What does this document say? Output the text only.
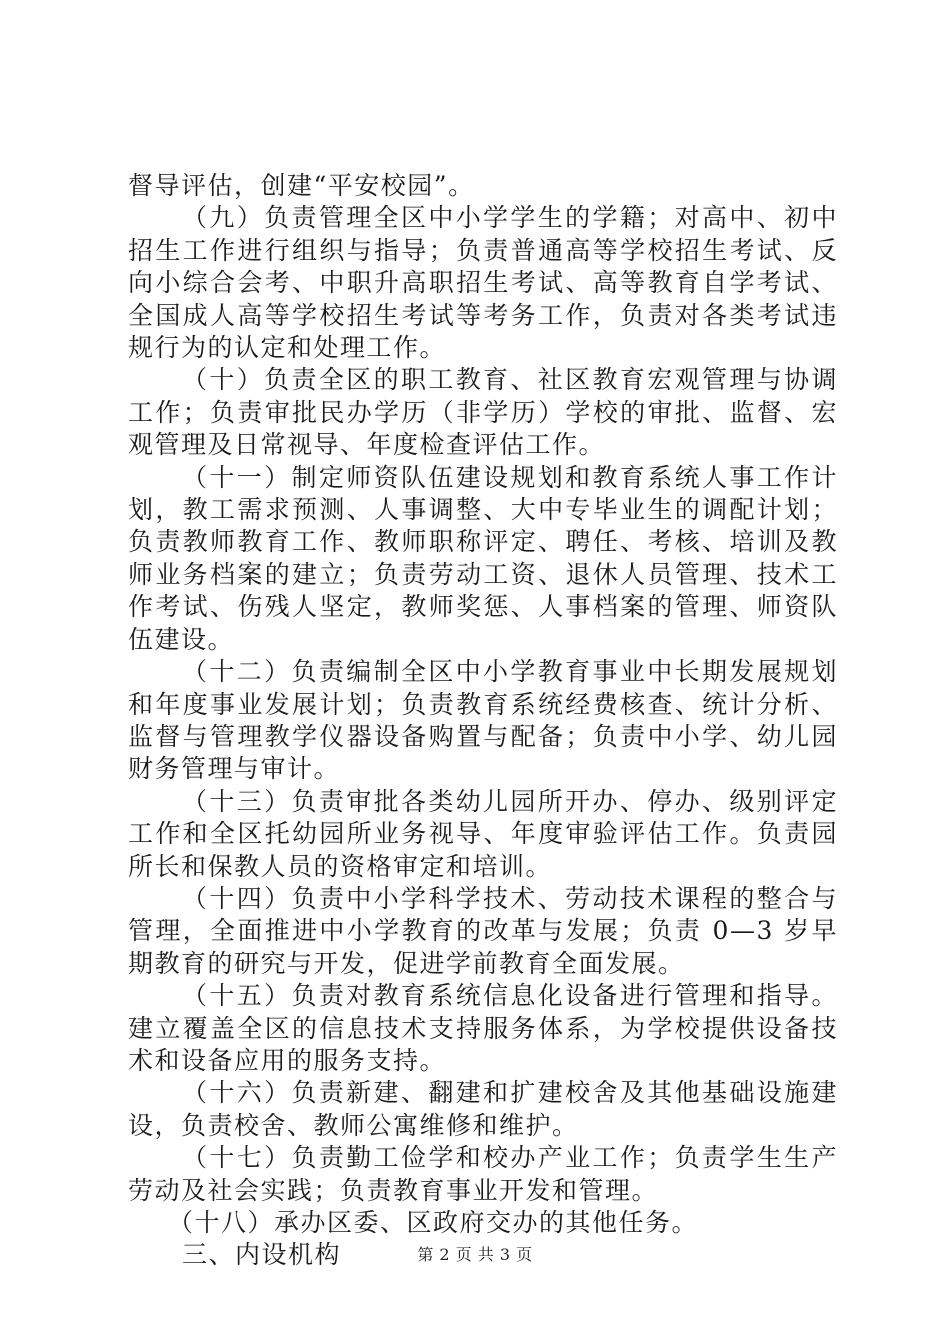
督导评估，创建“平安校园”。

（九）负责管理全区中小学学生的学籍；对高中、初中招生工作进行组织与指导；负责普通高等学校招生考试、反向小综合会考、中职升高职招生考试、高等教育自学考试、全国成人高等学校招生考试等考务工作，负责对各类考试违规行为的认定和处理工作。

（十）负责全区的职工教育、社区教育宏观管理与协调工作；负责审批民办学历（非学历）学校的审批、监督、宏观管理及日常视导、年度检查评估工作。

（十一）制定师资队伍建设规划和教育系统人事工作计划，教工需求预测、人事调整、大中专毕业生的调配计划；负责教师教育工作、教师职称评定、聘任、考核、培训及教师业务档案的建立；负责劳动工资、退休人员管理、技术工作考试、伤残人坚定，教师奖惩、人事档案的管理、师资队伍建设。

（十二）负责编制全区中小学教育事业中长期发展规划和年度事业发展计划；负责教育系统经费核查、统计分析、监督与管理教学仪器设备购置与配备；负责中小学、幼儿园财务管理与审计。

（十三）负责审批各类幼儿园所开办、停办、级别评定工作和全区托幼园所业务视导、年度审验评估工作。负责园所长和保教人员的资格审定和培训。

（十四）负责中小学科学技术、劳动技术课程的整合与管理，全面推进中小学教育的改革与发展；负责 0—3 岁早期教育的研究与开发，促进学前教育全面发展。

（十五）负责对教育系统信息化设备进行管理和指导。建立覆盖全区的信息技术支持服务体系，为学校提供设备技术和设备应用的服务支持。

（十六）负责新建、翻建和扩建校舍及其他基础设施建设，负责校舍、教师公寓维修和维护。

（十七）负责勤工俭学和校办产业工作；负责学生生产劳动及社会实践；负责教育事业开发和管理。

（十八）承办区委、区政府交办的其他任务。

三、内设机构	第 2 页 共 3 页
